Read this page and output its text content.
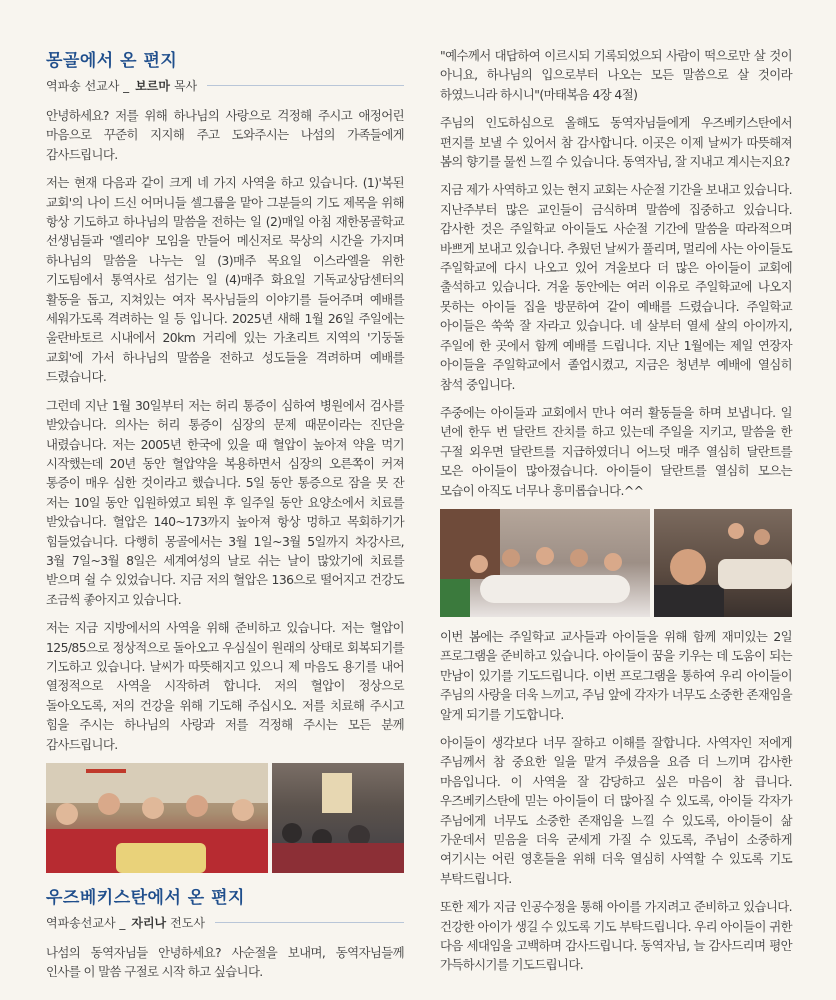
몽골에서 온 편지
역파송 선교사 _ 보르마 목사

안녕하세요? 저를 위해 하나님의 사랑으로 걱정해 주시고 애정어린 마음으로 꾸준히 지지해 주고 도와주시는 나섬의 가족들에게 감사드립니다.

저는 현재 다음과 같이 크게 네 가지 사역을 하고 있습니다. (1)'복된 교회'의 나이 드신 어머니들 셀그룹을 맡아 그분들의 기도 제목을 위해 항상 기도하고 하나님의 말씀을 전하는 일 (2)매일 아침 재한몽골학교 선생님들과 '엘리야' 모임을 만들어 메신저로 묵상의 시간을 가지며 하나님의 말씀을 나누는 일 (3)매주 목요일 이스라엘을 위한 기도팀에서 통역사로 섬기는 일 (4)매주 화요일 기독교상담센터의 활동을 돕고, 지쳐있는 여자 목사님들의 이야기를 들어주며 예배를 세워가도록 격려하는 일 등 입니다. 2025년 새해 1월 26일 주일에는 울란바토르 시내에서 20km 거리에 있는 가초리트 지역의 '기둥돌 교회'에 가서 하나님의 말씀을 전하고 성도들을 격려하며 예배를 드렸습니다.

그런데 지난 1월 30일부터 저는 허리 통증이 심하여 병원에서 검사를 받았습니다. 의사는 허리 통증이 심장의 문제 때문이라는 진단을 내렸습니다. 저는 2005년 한국에 있을 때 혈압이 높아져 약을 먹기 시작했는데 20년 동안 혈압약을 복용하면서 심장의 오른쪽이 커져 통증이 매우 심한 것이라고 했습니다. 5일 동안 통증으로 잠을 못 잔 저는 10일 동안 입원하였고 퇴원 후 일주일 동안 요양소에서 치료를 받았습니다. 혈압은 140~173까지 높아져 항상 멍하고 목회하기가 힘들었습니다. 다행히 몽골에서는 3월 1일~3월 5일까지 차강사르, 3월 7일~3월 8일은 세계여성의 날로 쉬는 날이 많았기에 치료를 받으며 쉴 수 있었습니다. 지금 저의 혈압은 136으로 떨어지고 건강도 조금씩 좋아지고 있습니다.

저는 지금 지방에서의 사역을 위해 준비하고 있습니다. 저는 혈압이 125/85으로 정상적으로 돌아오고 우심실이 원래의 상태로 회복되기를 기도하고 있습니다. 날씨가 따뜻해지고 있으니 제 마음도 용기를 내어 열정적으로 사역을 시작하려 합니다. 저의 혈압이 정상으로 돌아오도록, 저의 건강을 위해 기도해 주십시오. 저를 치료해 주시고 힘을 주시는 하나님의 사랑과 저를 걱정해 주시는 모든 분께 감사드립니다.

우즈베키스탄에서 온 편지
역파송선교사 _ 자리나 전도사

나섬의 동역자님들 안녕하세요? 사순절을 보내며, 동역자님들께 인사를 이 말씀 구절로 시작 하고 싶습니다.

"예수께서 대답하여 이르시되 기록되었으되 사람이 떡으로만 살 것이 아니요, 하나님의 입으로부터 나오는 모든 말씀으로 살 것이라 하였느니라 하시니"(마태복음 4장 4절)

주님의 인도하심으로 올해도 동역자님들에게 우즈베키스탄에서 편지를 보낼 수 있어서 참 감사합니다. 이곳은 이제 날씨가 따뜻해져 봄의 향기를 물씬 느낄 수 있습니다. 동역자님, 잘 지내고 계시는지요?

지금 제가 사역하고 있는 현지 교회는 사순절 기간을 보내고 있습니다. 지난주부터 많은 교인들이 금식하며 말씀에 집중하고 있습니다. 감사한 것은 주일학교 아이들도 사순절 기간에 말씀을 따라적으며 바쁘게 보내고 있습니다. 추웠던 날씨가 풀리며, 멀리에 사는 아이들도 주일학교에 다시 나오고 있어 겨울보다 더 많은 아이들이 교회에 출석하고 있습니다. 겨울 동안에는 여러 이유로 주일학교에 나오지 못하는 아이들 집을 방문하여 같이 예배를 드렸습니다. 주일학교 아이들은 쑥쑥 잘 자라고 있습니다. 네 살부터 열세 살의 아이까지, 주일에 한 곳에서 함께 예배를 드립니다. 지난 1월에는 제일 연장자 아이들을 주일학교에서 졸업시켰고, 지금은 청년부 예배에 열심히 참석 중입니다.

주중에는 아이들과 교회에서 만나 여러 활동들을 하며 보냅니다. 일 년에 한두 번 달란트 잔치를 하고 있는데 주일을 지키고, 말씀을 한 구절 외우면 달란트를 지급하였더니 어느덧 매주 열심히 달란트를 모은 아이들이 많아졌습니다. 아이들이 달란트를 열심히 모으는 모습이 아직도 너무나 흥미롭습니다.^^

이번 봄에는 주일학교 교사들과 아이들을 위해 함께 재미있는 2일 프로그램을 준비하고 있습니다. 아이들이 꿈을 키우는 데 도움이 되는 만남이 있기를 기도드립니다. 이번 프로그램을 통하여 우리 아이들이 주님의 사랑을 더욱 느끼고, 주님 앞에 각자가 너무도 소중한 존재임을 알게 되기를 기도합니다.

아이들이 생각보다 너무 잘하고 이해를 잘합니다. 사역자인 저에게 주님께서 참 중요한 일을 맡겨 주셨음을 요즘 더 느끼며 감사한 마음입니다. 이 사역을 잘 감당하고 싶은 마음이 참 큽니다. 우즈베키스탄에 믿는 아이들이 더 많아질 수 있도록, 아이들 각자가 주님에게 너무도 소중한 존재임을 느낄 수 있도록, 아이들이 삶 가운데서 믿음을 더욱 굳세게 가질 수 있도록, 주님이 소중하게 여기시는 어린 영혼들을 위해 더욱 열심히 사역할 수 있도록 기도 부탁드립니다.

또한 제가 지금 인공수정을 통해 아이를 가지려고 준비하고 있습니다. 건강한 아이가 생길 수 있도록 기도 부탁드립니다. 우리 아이들이 귀한 다음 세대임을 고백하며 감사드립니다. 동역자님, 늘 감사드리며 평안 가득하시기를 기도드립니다.
